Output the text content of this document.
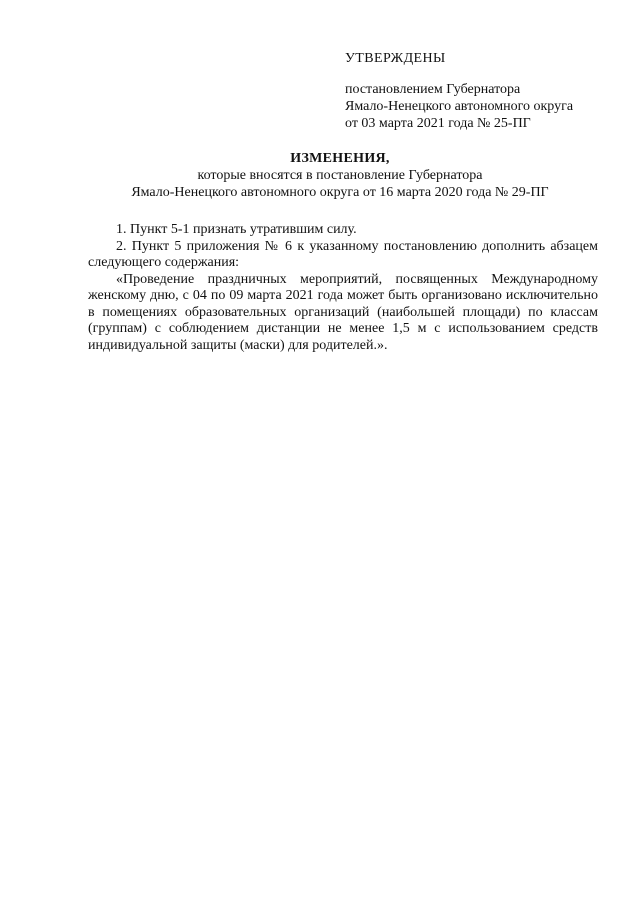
УТВЕРЖДЕНЫ
постановлением Губернатора
Ямало-Ненецкого автономного округа
от 03 марта 2021 года № 25-ПГ
ИЗМЕНЕНИЯ,
которые вносятся в постановление Губернатора
Ямало-Ненецкого автономного округа от 16 марта 2020 года № 29-ПГ

1. Пункт 5-1 признать утратившим силу.

2. Пункт 5 приложения № 6 к указанному постановлению дополнить абзацем следующего содержания:

«Проведение праздничных мероприятий, посвященных Международному женскому дню, с 04 по 09 марта 2021 года может быть организовано исключительно в помещениях образовательных организаций (наибольшей площади) по классам (группам) с соблюдением дистанции не менее 1,5 м с использованием средств индивидуальной защиты (маски) для родителей.».
